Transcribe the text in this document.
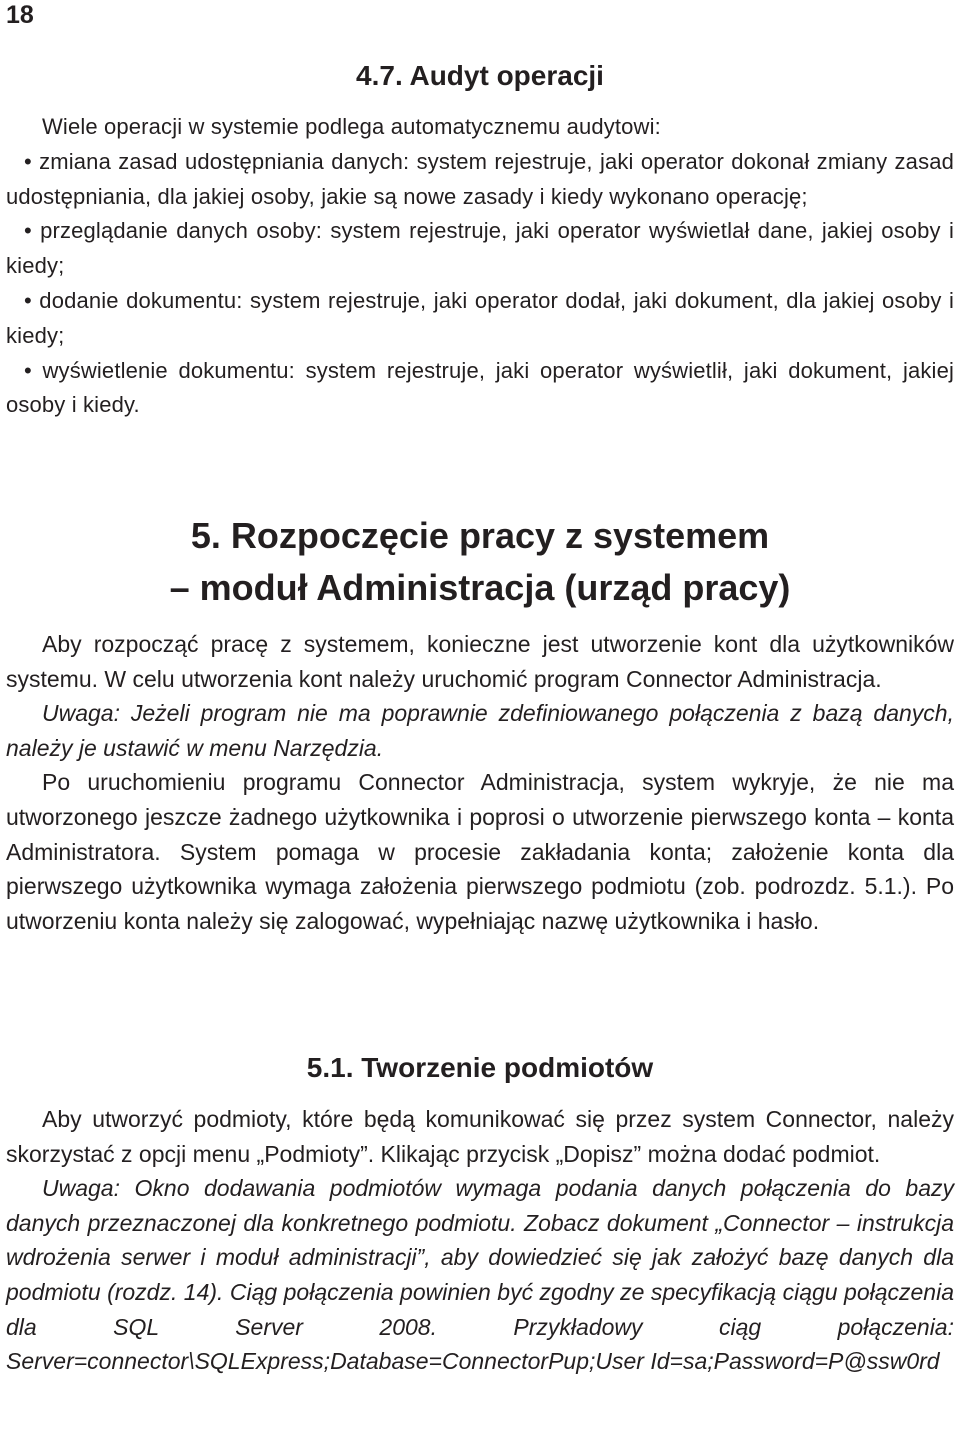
18
4.7. Audyt operacji
Wiele operacji w systemie podlega automatycznemu audytowi:
• zmiana zasad udostępniania danych: system rejestruje, jaki operator dokonał zmiany zasad udostępniania, dla jakiej osoby, jakie są nowe zasady i kiedy wykonano operację;
• przeglądanie danych osoby: system rejestruje, jaki operator wyświetlał dane, jakiej osoby i kiedy;
• dodanie dokumentu: system rejestruje, jaki operator dodał, jaki dokument, dla jakiej osoby i kiedy;
• wyświetlenie dokumentu: system rejestruje, jaki operator wyświetlił, jaki dokument, jakiej osoby i kiedy.
5. Rozpoczęcie pracy z systemem
– moduł Administracja (urząd pracy)
Aby rozpocząć pracę z systemem, konieczne jest utworzenie kont dla użytkowników systemu. W celu utworzenia kont należy uruchomić program Connector Administracja.
Uwaga: Jeżeli program nie ma poprawnie zdefiniowanego połączenia z bazą danych, należy je ustawić w menu Narzędzia.
Po uruchomieniu programu Connector Administracja, system wykryje, że nie ma utworzonego jeszcze żadnego użytkownika i poprosi o utworzenie pierwszego konta – konta Administratora. System pomaga w procesie zakładania konta; założenie konta dla pierwszego użytkownika wymaga założenia pierwszego podmiotu (zob. podrozdz. 5.1.). Po utworzeniu konta należy się zalogować, wypełniając nazwę użytkownika i hasło.
5.1. Tworzenie podmiotów
Aby utworzyć podmioty, które będą komunikować się przez system Connector, należy skorzystać z opcji menu „Podmioty”. Klikając przycisk „Dopisz” można dodać podmiot.
Uwaga: Okno dodawania podmiotów wymaga podania danych połączenia do bazy danych przeznaczonej dla konkretnego podmiotu. Zobacz dokument „Connector – instrukcja wdrożenia serwer i moduł administracji”, aby dowiedzieć się jak założyć bazę danych dla podmiotu (rozdz. 14). Ciąg połączenia powinien być zgodny ze specyfikacją ciągu połączenia dla SQL Server 2008. Przykładowy ciąg połączenia: Server=connector\SQLExpress;Database=ConnectorPup;User Id=sa;Password=P@ssw0rd
